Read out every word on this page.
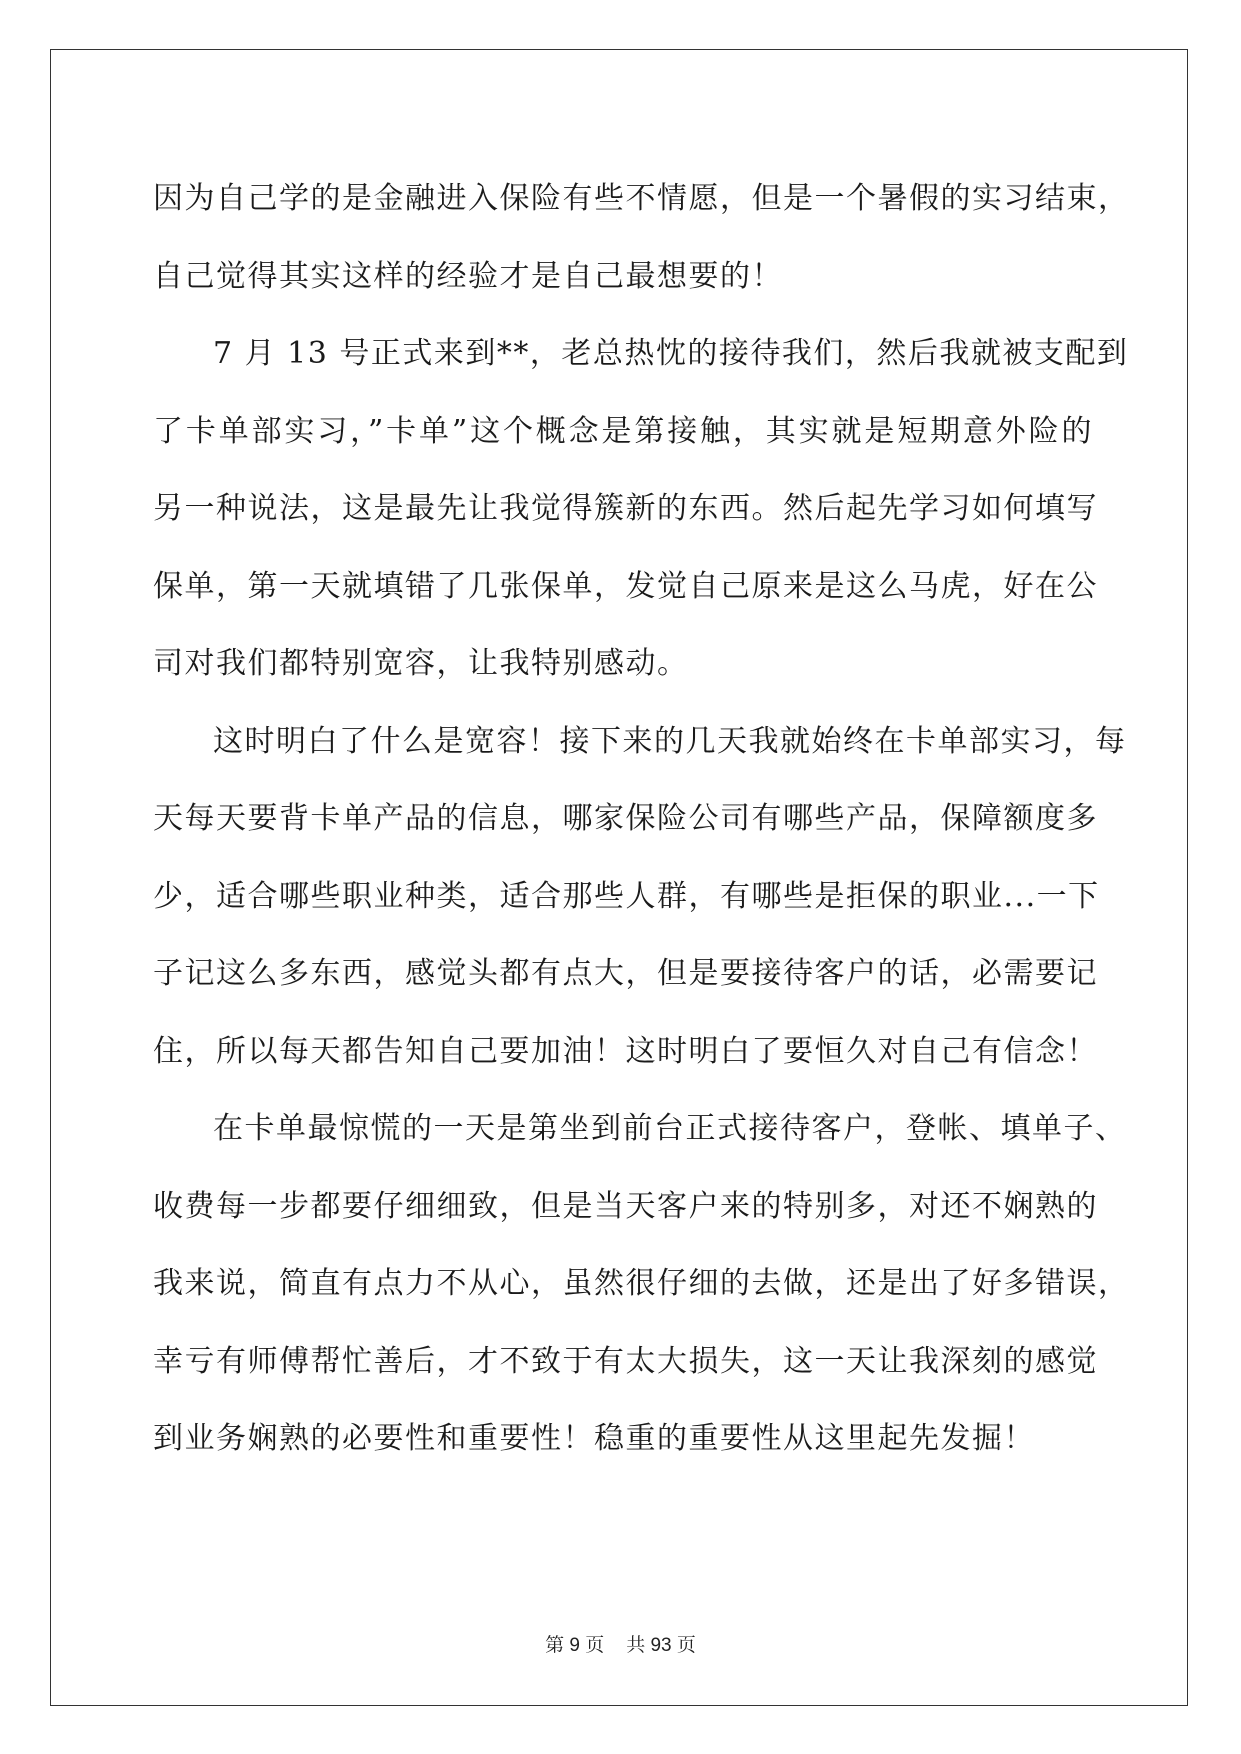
因为自己学的是金融进入保险有些不情愿，但是一个暑假的实习结束，
自己觉得其实这样的经验才是自己最想要的！
7 月 13 号正式来到**，老总热忱的接待我们，然后我就被支配到
了卡单部实习，”卡单”这个概念是第接触，其实就是短期意外险的
另一种说法，这是最先让我觉得簇新的东西。然后起先学习如何填写
保单，第一天就填错了几张保单，发觉自己原来是这么马虎，好在公
司对我们都特别宽容，让我特别感动。
这时明白了什么是宽容！接下来的几天我就始终在卡单部实习，每
天每天要背卡单产品的信息，哪家保险公司有哪些产品，保障额度多
少，适合哪些职业种类，适合那些人群，有哪些是拒保的职业...一下
子记这么多东西，感觉头都有点大，但是要接待客户的话，必需要记
住，所以每天都告知自己要加油！这时明白了要恒久对自己有信念！
在卡单最惊慌的一天是第坐到前台正式接待客户，登帐、填单子、
收费每一步都要仔细细致，但是当天客户来的特别多，对还不娴熟的
我来说，简直有点力不从心，虽然很仔细的去做，还是出了好多错误，
幸亏有师傅帮忙善后，才不致于有太大损失，这一天让我深刻的感觉
到业务娴熟的必要性和重要性！稳重的重要性从这里起先发掘！
第 9 页 共 93 页
